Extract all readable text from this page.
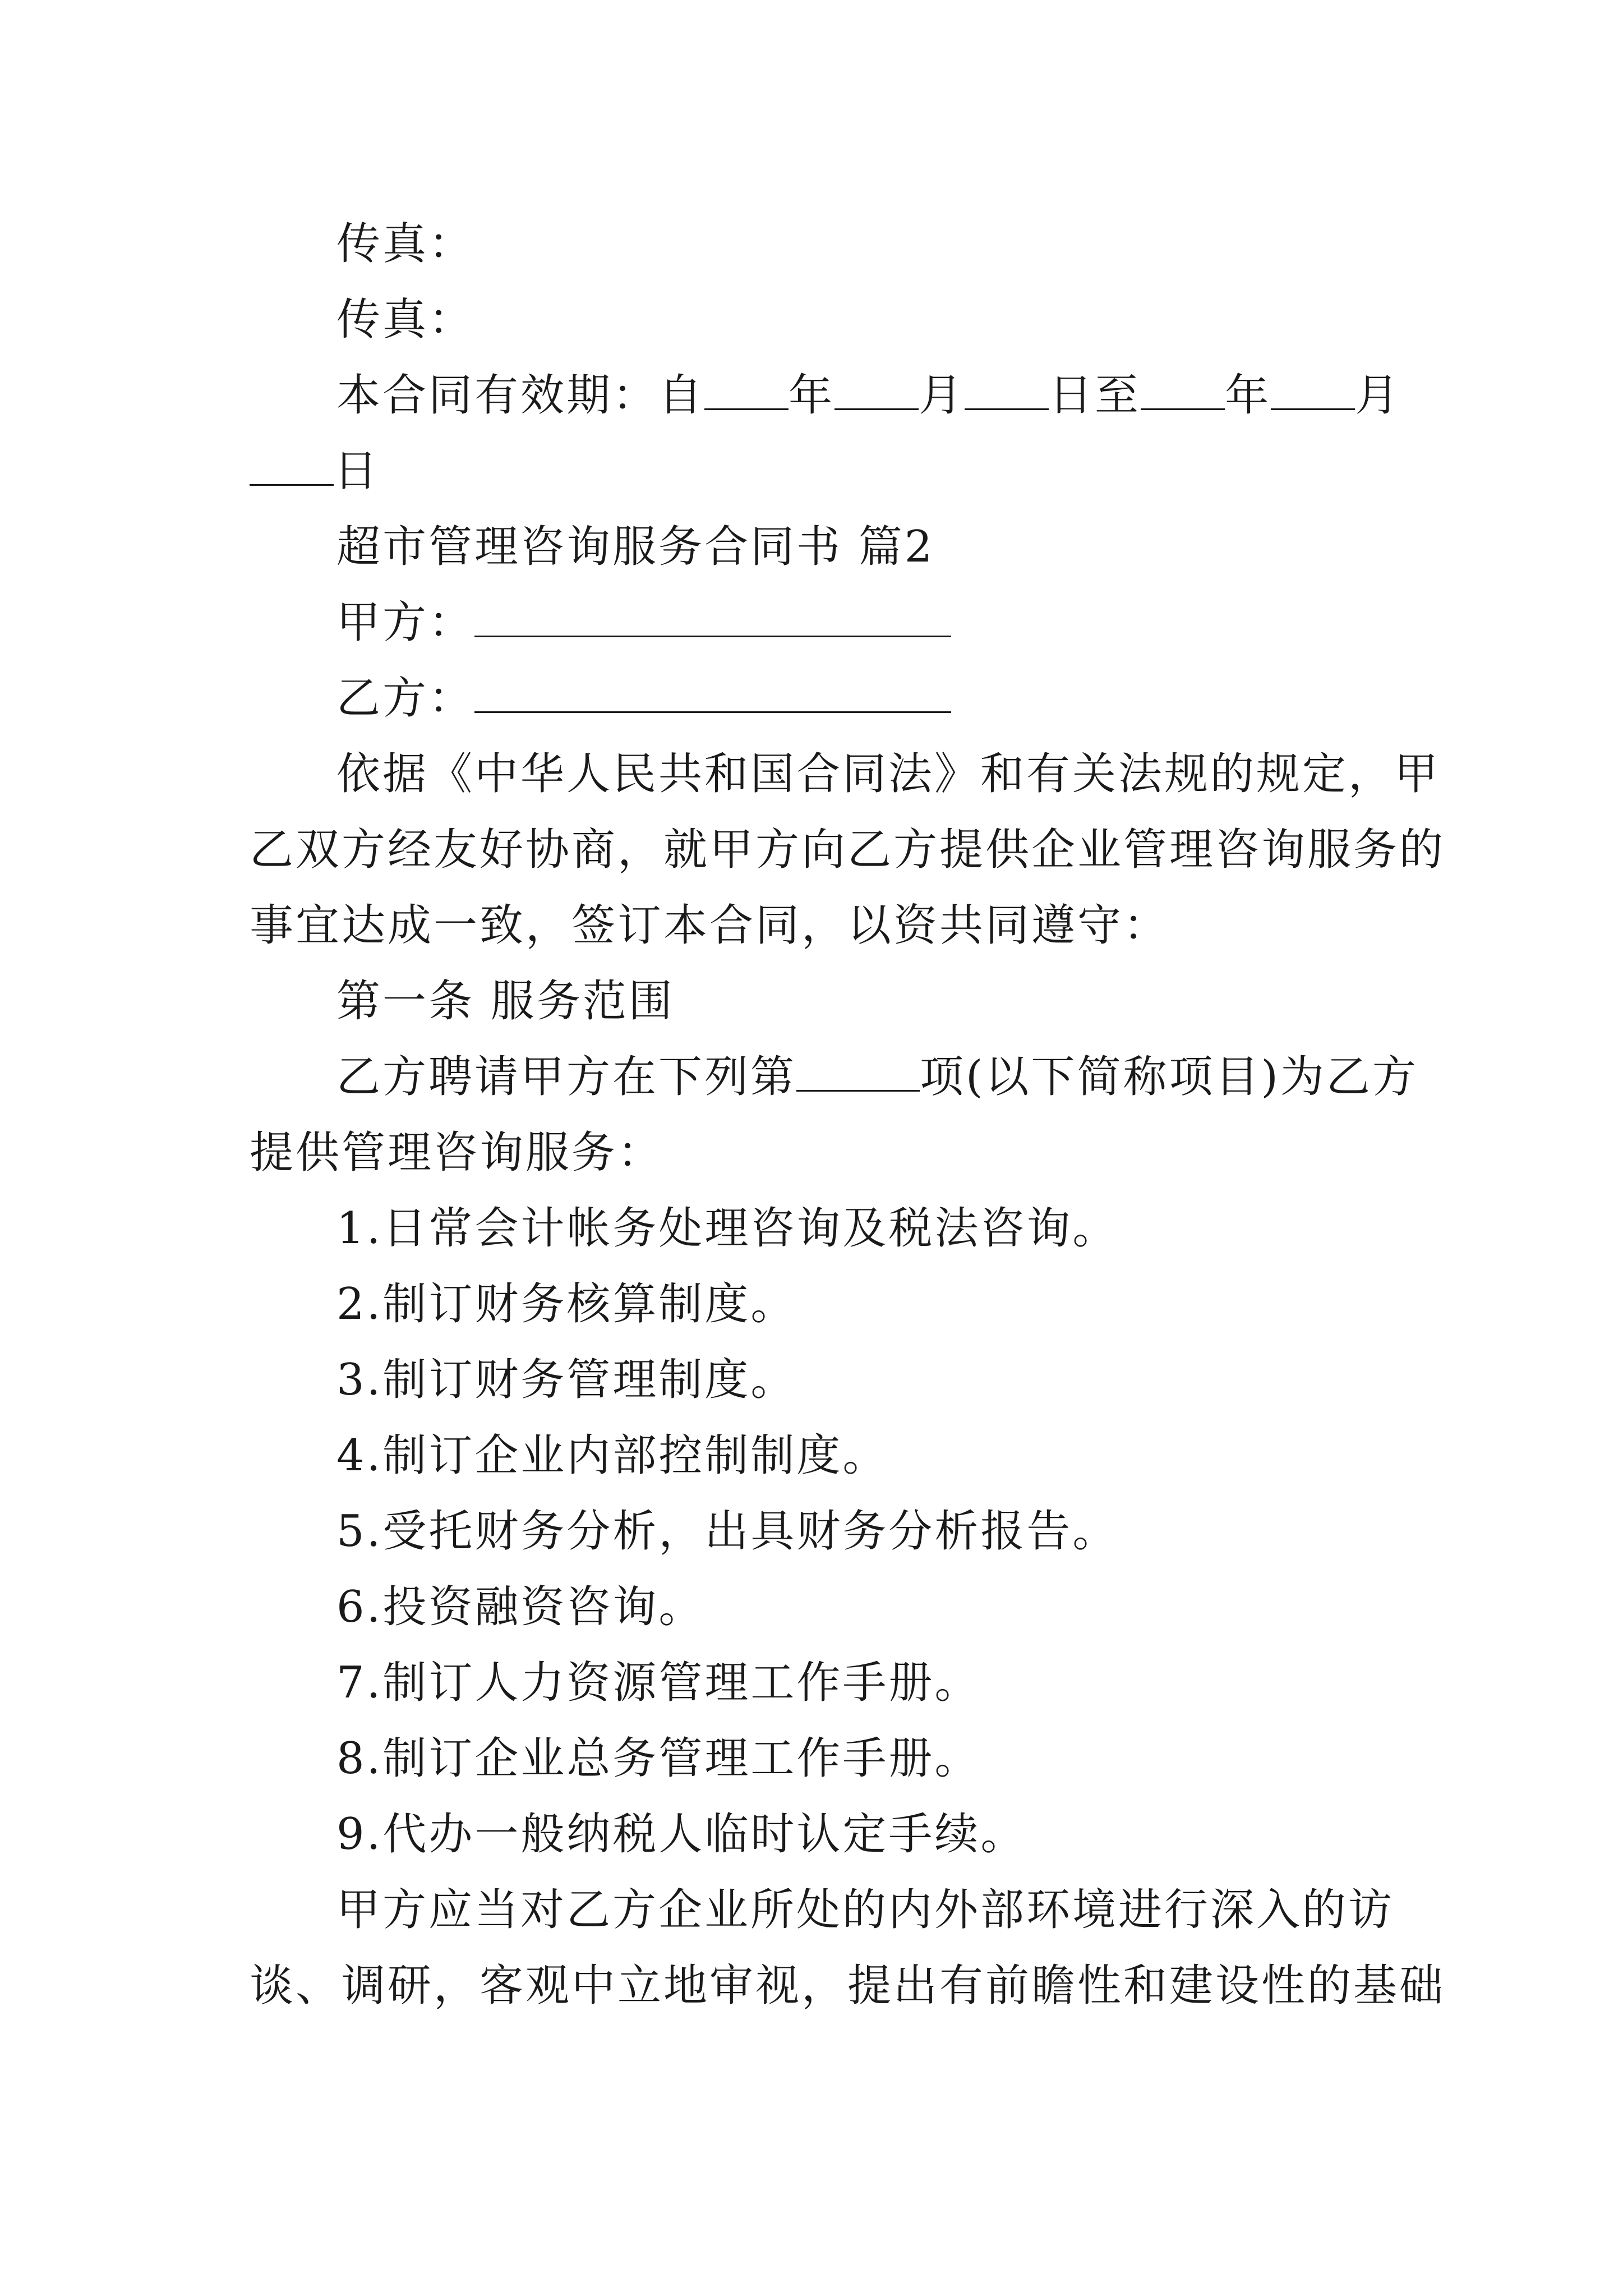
传真：
传真：
本合同有效期：自 年 月 日至 年 月
日
超市管理咨询服务合同书 篇2
甲方：
乙方：
依据《中华人民共和国合同法》和有关法规的规定，甲
乙双方经友好协商，就甲方向乙方提供企业管理咨询服务的
事宜达成一致，签订本合同，以资共同遵守：
第一条 服务范围
乙方聘请甲方在下列第	项(以下简称项目)为乙方
提供管理咨询服务：
1.日常会计帐务处理咨询及税法咨询。
2.制订财务核算制度。
3.制订财务管理制度。
4.制订企业内部控制制度。
5.受托财务分析，出具财务分析报告。
6.投资融资咨询。
7.制订人力资源管理工作手册。
8.制订企业总务管理工作手册。
9.代办一般纳税人临时认定手续。
甲方应当对乙方企业所处的内外部环境进行深入的访
谈、调研，客观中立地审视，提出有前瞻性和建设性的基础
